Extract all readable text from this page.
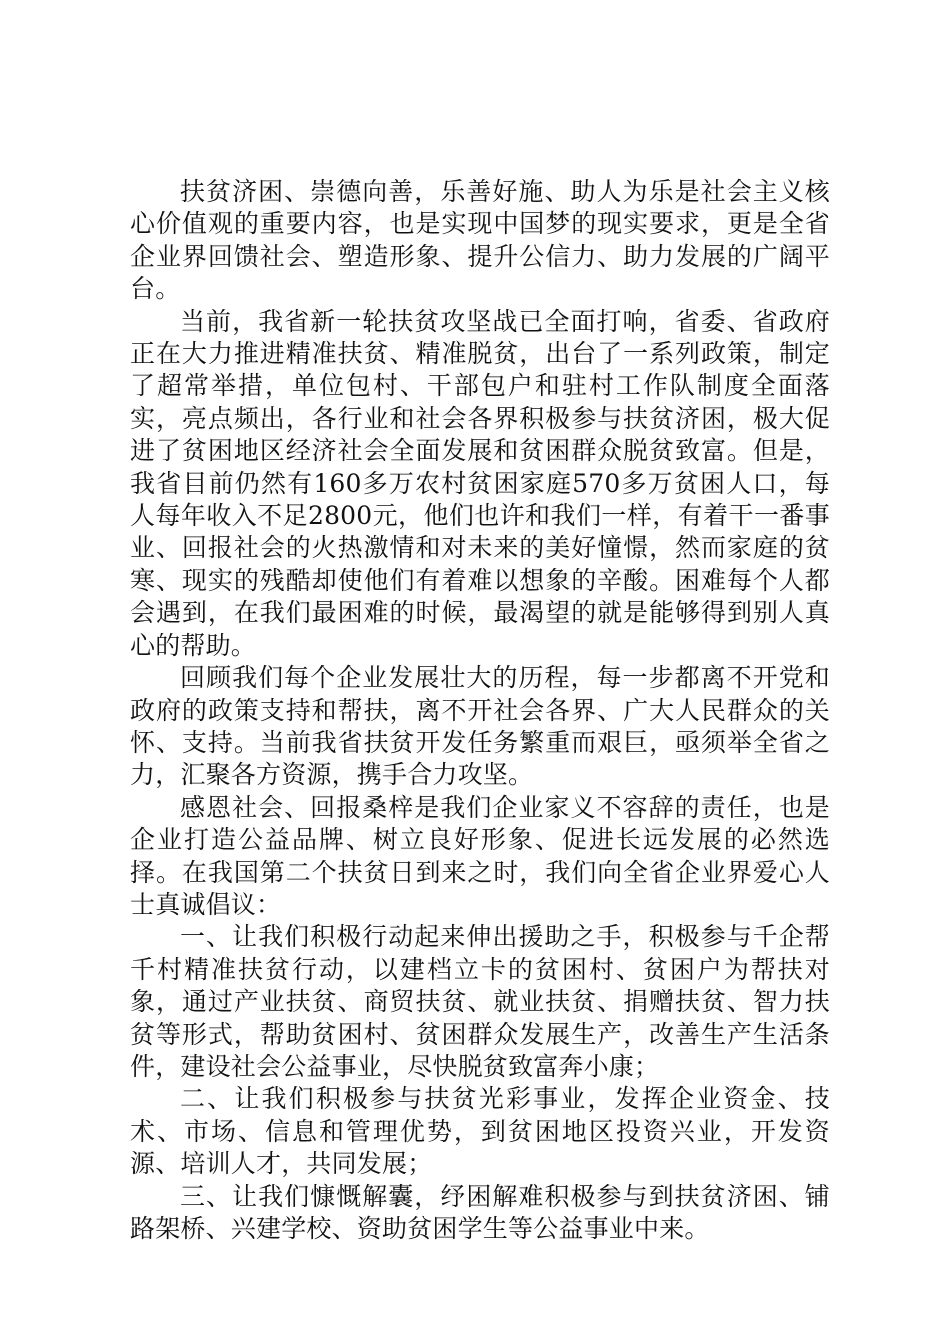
扶贫济困、崇德向善，乐善好施、助人为乐是社会主义核心价值观的重要内容，也是实现中国梦的现实要求，更是全省企业界回馈社会、塑造形象、提升公信力、助力发展的广阔平台。

当前，我省新一轮扶贫攻坚战已全面打响，省委、省政府正在大力推进精准扶贫、精准脱贫，出台了一系列政策，制定了超常举措，单位包村、干部包户和驻村工作队制度全面落实，亮点频出，各行业和社会各界积极参与扶贫济困，极大促进了贫困地区经济社会全面发展和贫困群众脱贫致富。但是，我省目前仍然有160多万农村贫困家庭570多万贫困人口，每人每年收入不足2800元，他们也许和我们一样，有着干一番事业、回报社会的火热激情和对未来的美好憧憬，然而家庭的贫寒、现实的残酷却使他们有着难以想象的辛酸。困难每个人都会遇到，在我们最困难的时候，最渴望的就是能够得到别人真心的帮助。

回顾我们每个企业发展壮大的历程，每一步都离不开党和政府的政策支持和帮扶，离不开社会各界、广大人民群众的关怀、支持。当前我省扶贫开发任务繁重而艰巨，亟须举全省之力，汇聚各方资源，携手合力攻坚。

感恩社会、回报桑梓是我们企业家义不容辞的责任，也是企业打造公益品牌、树立良好形象、促进长远发展的必然选择。在我国第二个扶贫日到来之时，我们向全省企业界爱心人士真诚倡议：

一、让我们积极行动起来伸出援助之手，积极参与千企帮千村精准扶贫行动，以建档立卡的贫困村、贫困户为帮扶对象，通过产业扶贫、商贸扶贫、就业扶贫、捐赠扶贫、智力扶贫等形式，帮助贫困村、贫困群众发展生产，改善生产生活条件，建设社会公益事业，尽快脱贫致富奔小康；

二、让我们积极参与扶贫光彩事业，发挥企业资金、技术、市场、信息和管理优势，到贫困地区投资兴业，开发资源、培训人才，共同发展；

三、让我们慷慨解囊，纾困解难积极参与到扶贫济困、铺路架桥、兴建学校、资助贫困学生等公益事业中来。
